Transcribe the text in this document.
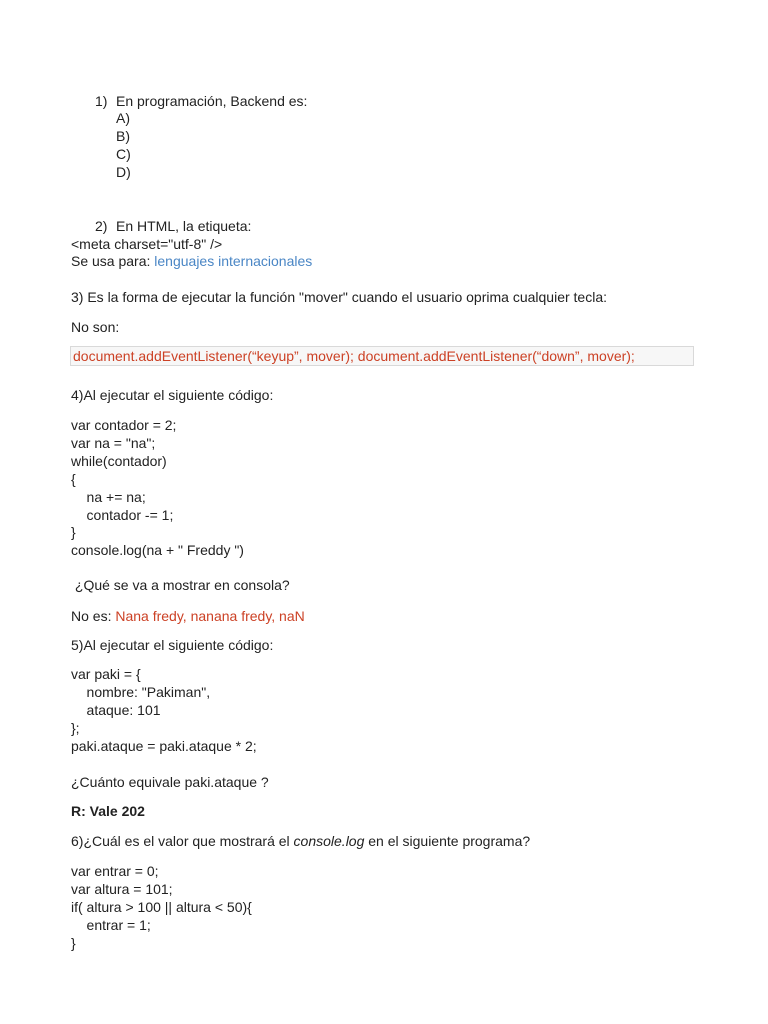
1) En programación, Backend es:
A)
B)
C)
D)
2) En HTML, la etiqueta:
<meta charset="utf-8" />
Se usa para: lenguajes internacionales
3) Es la forma de ejecutar la función "mover" cuando el usuario oprima cualquier tecla:
No son:
document.addEventListener(“keyup”, mover); document.addEventListener(“down”, mover);
4)Al ejecutar el siguiente código:
var contador = 2;
var na = "na";
while(contador)
{
na += na;
contador -= 1;
}
console.log(na + " Freddy ")
¿Qué se va a mostrar en consola?
No es: Nana fredy, nanana fredy, naN
5)Al ejecutar el siguiente código:
var paki = {
nombre: "Pakiman",
ataque: 101
};
paki.ataque = paki.ataque * 2;
¿Cuánto equivale paki.ataque ?
R: Vale 202
6)¿Cuál es el valor que mostrará el console.log en el siguiente programa?
var entrar = 0;
var altura = 101;
if( altura > 100 || altura < 50){
entrar = 1;
}
